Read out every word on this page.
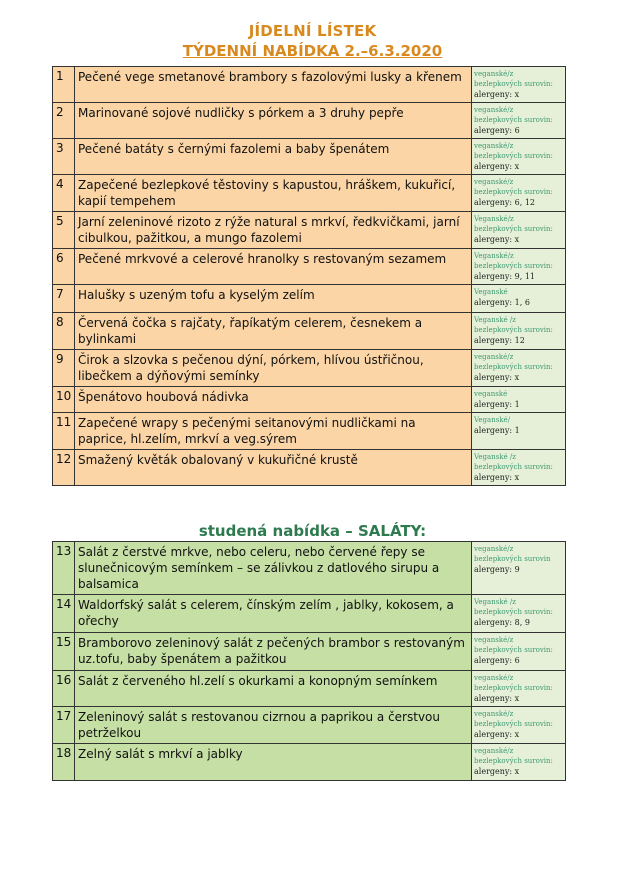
JÍDELNÍ LÍSTEK
TÝDENNÍ NABÍDKA 2.–6.3.2020
1	Pečené vege smetanové brambory s fazolovými lusky a křenem	veganské/z bezlepkových surovin:
alergeny: x

2	Marinované sojové nudličky s pórkem a 3 druhy pepře	veganské/z bezlepkových surovin:
alergeny: 6

3	Pečené batáty s černými fazolemi a baby špenátem	veganské/z bezlepkových surovin:
alergeny: x

4	Zapečené bezlepkové těstoviny s kapustou, hráškem, kukuřicí, kapií tempehem	veganské/z bezlepkových surovin:
alergeny: 6, 12

5	Jarní zeleninové rizoto z rýže natural s mrkví, ředkvičkami, jarní cibulkou, pažitkou, a mungo fazolemi	Veganské/z bezlepkových surovin:
alergeny: x

6	Pečené mrkvové a celerové hranolky s restovaným sezamem	Veganské/z bezlepkových surovin:
alergeny: 9, 11

7	Halušky s uzeným tofu a kyselým zelím	Veganské
alergeny: 1, 6

8	Červená čočka s rajčaty, řapíkatým celerem, česnekem a bylinkami	Veganské /z bezlepkových surovin:
alergeny: 12

9	Čirok a slzovka s pečenou dýní, pórkem, hlívou ústřičnou, libečkem a dýňovými semínky	veganské/z bezlepkových surovin:
alergeny: x

10	Špenátovo houbová nádivka	veganské
alergeny: 1

11	Zapečené wrapy s pečenými seitanovými nudličkami na paprice, hl.zelím, mrkví a veg.sýrem	Veganské/
alergeny: 1

12	Smažený květák obalovaný v kukuřičné krustě	Veganské /z bezlepkových surovin:
alergeny: x
studená nabídka – SALÁTY:
13	Salát z čerstvé mrkve, nebo celeru, nebo červené řepy se slunečnicovým semínkem – se zálivkou z datlového sirupu a balsamica	veganské/z bezlepkových surovin
alergeny: 9

14	Waldorfský salát s celerem, čínským zelím , jablky, kokosem, a ořechy	Veganské /z bezlepkových surovin:
alergeny: 8, 9

15	Bramborovo zeleninový salát z pečených brambor s restovaným uz.tofu, baby špenátem a pažitkou	veganské/z bezlepkových surovin:
alergeny: 6

16	Salát z červeného hl.zelí s okurkami a konopným semínkem	veganské/z bezlepkových surovin:
alergeny: x

17	Zeleninový salát s restovanou cizrnou a paprikou a čerstvou petrželkou	veganské/z bezlepkových surovin:
alergeny: x

18	Zelný salát s mrkví a jablky	veganské/z bezlepkových surovin:
alergeny: x
